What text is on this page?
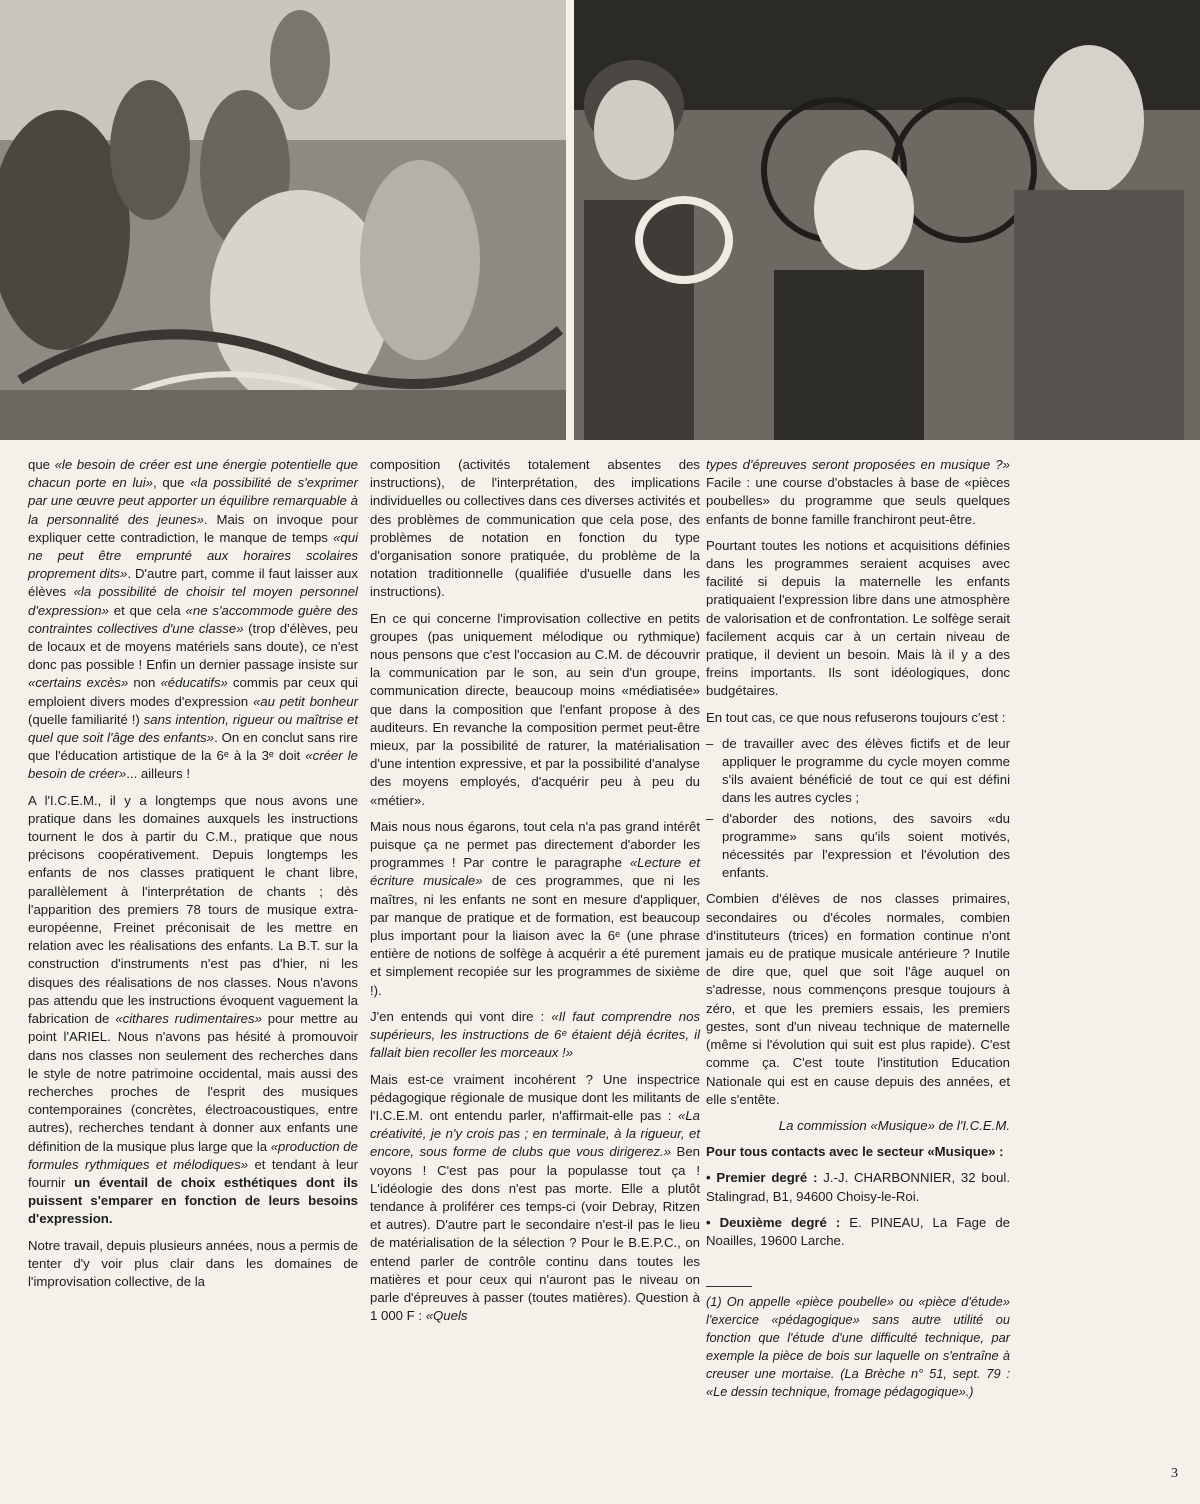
que «le besoin de créer est une énergie potentielle que chacun porte en lui», que «la possibilité de s'exprimer par une œuvre peut apporter un équilibre remarquable à la personnalité des jeunes». Mais on invoque pour expliquer cette contradiction, le manque de temps «qui ne peut être emprunté aux horaires scolaires proprement dits». D'autre part, comme il faut laisser aux élèves «la possibilité de choisir tel moyen personnel d'expression» et que cela «ne s'accommode guère des contraintes collectives d'une classe» (trop d'élèves, peu de locaux et de moyens matériels sans doute), ce n'est donc pas possible ! Enfin un dernier passage insiste sur «certains excès» non «éducatifs» commis par ceux qui emploient divers modes d'expression «au petit bonheur (quelle familiarité !) sans intention, rigueur ou maîtrise et quel que soit l'âge des enfants». On en conclut sans rire que l'éducation artistique de la 6ᵉ à la 3ᵉ doit «créer le besoin de créer»... ailleurs !

A l'I.C.E.M., il y a longtemps que nous avons une pratique dans les domaines auxquels les instructions tournent le dos à partir du C.M., pratique que nous précisons coopérativement. Depuis longtemps les enfants de nos classes pratiquent le chant libre, parallèlement à l'interprétation de chants ; dès l'apparition des premiers 78 tours de musique extra-européenne, Freinet préconisait de les mettre en relation avec les réalisations des enfants. La B.T. sur la construction d'instruments n'est pas d'hier, ni les disques des réalisations de nos classes. Nous n'avons pas attendu que les instructions évoquent vaguement la fabrication de «cithares rudimentaires» pour mettre au point l'ARIEL. Nous n'avons pas hésité à promouvoir dans nos classes non seulement des recherches dans le style de notre patrimoine occidental, mais aussi des recherches proches de l'esprit des musiques contemporaines (concrètes, électroacoustiques, entre autres), recherches tendant à donner aux enfants une définition de la musique plus large que la «production de formules rythmiques et mélodiques» et tendant à leur fournir un éventail de choix esthétiques dont ils puissent s'emparer en fonction de leurs besoins d'expression.

Notre travail, depuis plusieurs années, nous a permis de tenter d'y voir plus clair dans les domaines de l'improvisation collective, de la

composition (activités totalement absentes des instructions), de l'interprétation, des implications individuelles ou collectives dans ces diverses activités et des problèmes de communication que cela pose, des problèmes de notation en fonction du type d'organisation sonore pratiquée, du problème de la notation traditionnelle (qualifiée d'usuelle dans les instructions).

En ce qui concerne l'improvisation collective en petits groupes (pas uniquement mélodique ou rythmique) nous pensons que c'est l'occasion au C.M. de découvrir la communication par le son, au sein d'un groupe, communication directe, beaucoup moins «médiatisée» que dans la composition que l'enfant propose à des auditeurs. En revanche la composition permet peut-être mieux, par la possibilité de raturer, la matérialisation d'une intention expressive, et par la possibilité d'analyse des moyens employés, d'acquérir peu à peu du «métier».

Mais nous nous égarons, tout cela n'a pas grand intérêt puisque ça ne permet pas directement d'aborder les programmes ! Par contre le paragraphe «Lecture et écriture musicale» de ces programmes, que ni les maîtres, ni les enfants ne sont en mesure d'appliquer, par manque de pratique et de formation, est beaucoup plus important pour la liaison avec la 6ᵉ (une phrase entière de notions de solfège à acquérir a été purement et simplement recopiée sur les programmes de sixième !).

J'en entends qui vont dire : «Il faut comprendre nos supérieurs, les instructions de 6ᵉ étaient déjà écrites, il fallait bien recoller les morceaux !»

Mais est-ce vraiment incohérent ? Une inspectrice pédagogique régionale de musique dont les militants de l'I.C.E.M. ont entendu parler, n'affirmait-elle pas : «La créativité, je n'y crois pas ; en terminale, à la rigueur, et encore, sous forme de clubs que vous dirigerez.» Ben voyons ! C'est pas pour la populasse tout ça ! L'idéologie des dons n'est pas morte. Elle a plutôt tendance à proliférer ces temps-ci (voir Debray, Ritzen et autres). D'autre part le secondaire n'est-il pas le lieu de matérialisation de la sélection ? Pour le B.E.P.C., on entend parler de contrôle continu dans toutes les matières et pour ceux qui n'auront pas le niveau on parle d'épreuves à passer (toutes matières). Question à 1 000 F : «Quels

types d'épreuves seront proposées en musique ?» Facile : une course d'obstacles à base de «pièces poubelles» du programme que seuls quelques enfants de bonne famille franchiront peut-être.

Pourtant toutes les notions et acquisitions définies dans les programmes seraient acquises avec facilité si depuis la maternelle les enfants pratiquaient l'expression libre dans une atmosphère de valorisation et de confrontation. Le solfège serait facilement acquis car à un certain niveau de pratique, il devient un besoin. Mais là il y a des freins importants. Ils sont idéologiques, donc budgétaires.

En tout cas, ce que nous refuserons toujours c'est :

– de travailler avec des élèves fictifs et de leur appliquer le programme du cycle moyen comme s'ils avaient bénéficié de tout ce qui est défini dans les autres cycles ;
– d'aborder des notions, des savoirs «du programme» sans qu'ils soient motivés, nécessités par l'expression et l'évolution des enfants.

Combien d'élèves de nos classes primaires, secondaires ou d'écoles normales, combien d'instituteurs (trices) en formation continue n'ont jamais eu de pratique musicale antérieure ? Inutile de dire que, quel que soit l'âge auquel on s'adresse, nous commençons presque toujours à zéro, et que les premiers essais, les premiers gestes, sont d'un niveau technique de maternelle (même si l'évolution qui suit est plus rapide). C'est comme ça. C'est toute l'institution Education Nationale qui est en cause depuis des années, et elle s'entête.

La commission «Musique» de l'I.C.E.M.

Pour tous contacts avec le secteur «Musique» :

• Premier degré : J.-J. CHARBONNIER, 32 boul. Stalingrad, B1, 94600 Choisy-le-Roi.

• Deuxième degré : E. PINEAU, La Fage de Noailles, 19600 Larche.

(1) On appelle «pièce poubelle» ou «pièce d'étude» l'exercice «pédagogique» sans autre utilité ou fonction que l'étude d'une difficulté technique, par exemple la pièce de bois sur laquelle on s'entraîne à creuser une mortaise. (La Brèche n° 51, sept. 79 : «Le dessin technique, fromage pédagogique».)

3
